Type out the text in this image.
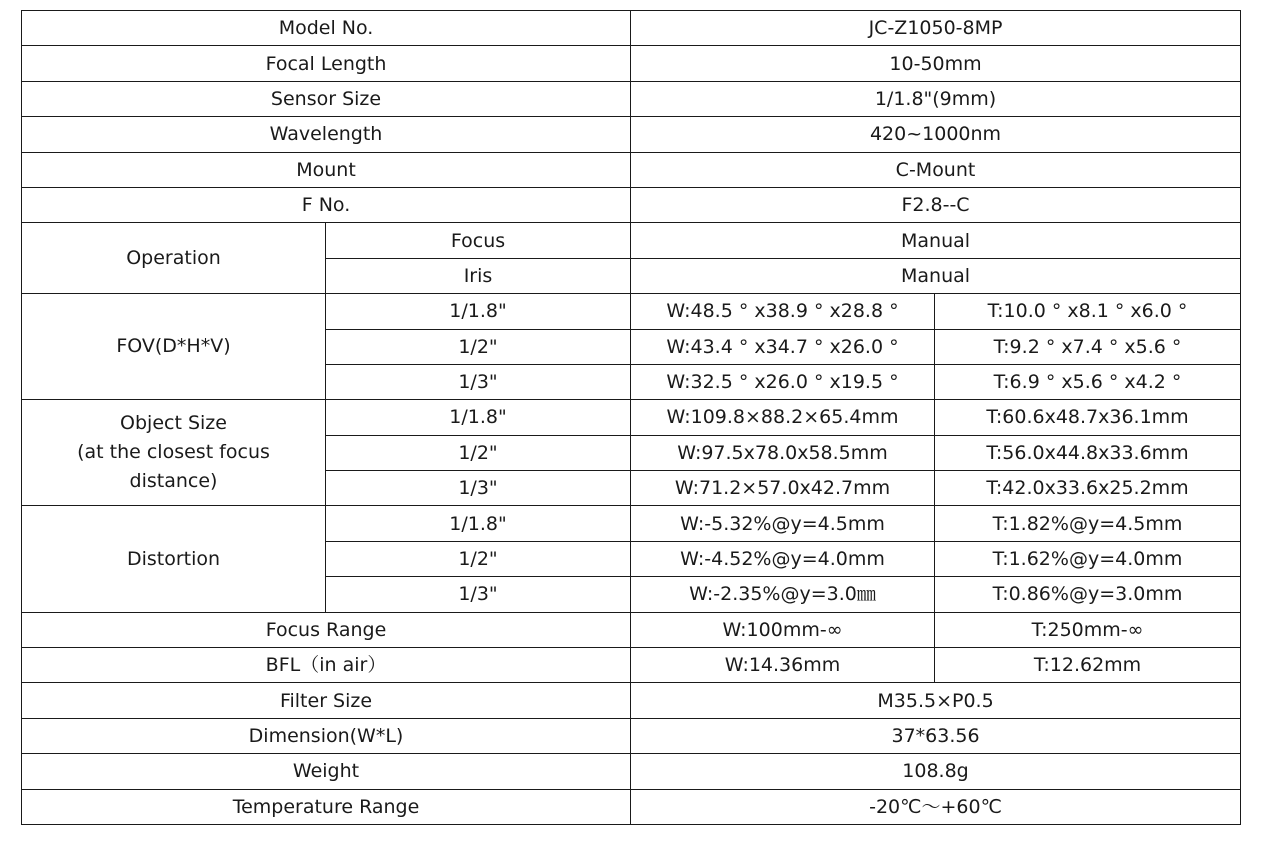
Model No.		JC-Z1050-8MP	
Focal Length		10-50mm	
Sensor Size		1/1.8"(9mm)	
Wavelength		420~1000nm	
Mount		C-Mount	
F No.		F2.8--C	
Operation	Focus	Manual	
	Iris	Manual	
FOV(D*H*V)	1/1.8"	W:48.5 ° x38.9 ° x28.8 °	T:10.0 ° x8.1 ° x6.0 °
	1/2"	W:43.4 ° x34.7 ° x26.0 °	T:9.2 ° x7.4 ° x5.6 °
	1/3"	W:32.5 ° x26.0 ° x19.5 °	T:6.9 ° x5.6 ° x4.2 °

Object Size
(at the closest focus
distance)	1/1.8"	W:109.8×88.2×65.4mm	T:60.6x48.7x36.1mm
	1/2"	W:97.5x78.0x58.5mm	T:56.0x44.8x33.6mm
	1/3"	W:71.2×57.0x42.7mm	T:42.0x33.6x25.2mm
Distortion	1/1.8"	W:-5.32%@y=4.5mm	T:1.82%@y=4.5mm
	1/2"	W:-4.52%@y=4.0mm	T:1.62%@y=4.0mm
	1/3"	W:-2.35%@y=3.0㎜	T:0.86%@y=3.0mm
Focus Range		W:100mm-∞	T:250mm-∞
BFL（in air）		W:14.36mm	T:12.62mm
Filter Size		M35.5×P0.5	
Dimension(W*L)		37*63.56	
Weight		108.8g	
Temperature Range		-20℃～+60℃	
